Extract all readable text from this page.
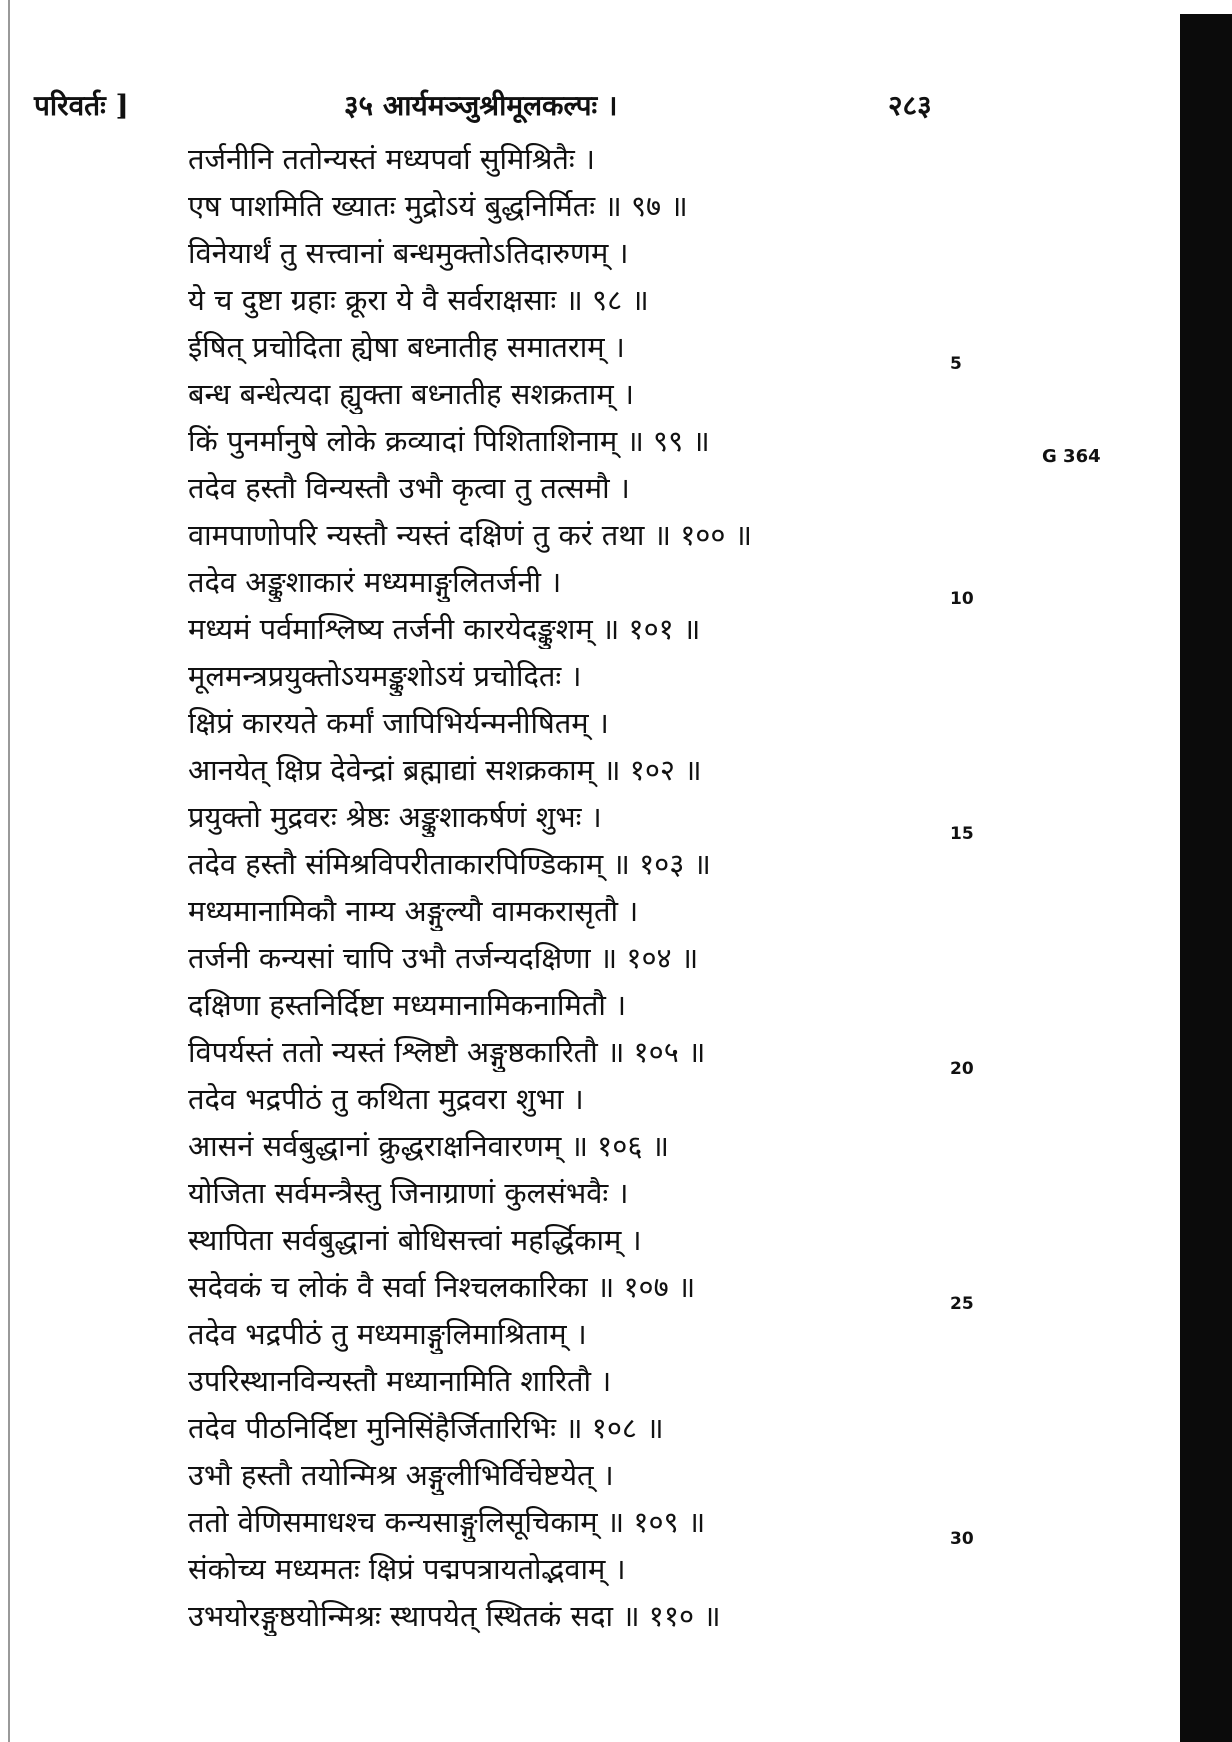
परिवर्तः ]	३५ आर्यमञ्जुश्रीमूलकल्पः ।	२८३
तर्जनीनि ततोन्यस्तं मध्यपर्वा सुमिश्रितैः ।
एष पाशमिति ख्यातः मुद्रोऽयं बुद्धनिर्मितः ॥ ९७ ॥
विनेयार्थं तु सत्त्वानां बन्धमुक्तोऽतिदारुणम् ।
ये च दुष्टा ग्रहाः क्रूरा ये वै सर्वराक्षसाः ॥ ९८ ॥
ईषित् प्रचोदिता ह्येषा बध्नातीह समातराम् ।
बन्ध बन्धेत्यदा ह्युक्ता बध्नातीह सशक्रताम् ।
किं पुनर्मानुषे लोके क्रव्यादां पिशिताशिनाम् ॥ ९९ ॥
तदेव हस्तौ विन्यस्तौ उभौ कृत्वा तु तत्समौ ।
वामपाणोपरि न्यस्तौ न्यस्तं दक्षिणं तु करं तथा ॥ १०० ॥
तदेव अङ्कुशाकारं मध्यमाङ्गुलितर्जनी ।
मध्यमं पर्वमाश्लिष्य तर्जनी कारयेदङ्कुशम् ॥ १०१ ॥
मूलमन्त्रप्रयुक्तोऽयमङ्कुशोऽयं प्रचोदितः ।
क्षिप्रं कारयते कर्मां जापिभिर्यन्मनीषितम् ।
आनयेत् क्षिप्र देवेन्द्रां ब्रह्माद्यां सशक्रकाम् ॥ १०२ ॥
प्रयुक्तो मुद्रवरः श्रेष्ठः अङ्कुशाकर्षणं शुभः ।
तदेव हस्तौ संमिश्रविपरीताकारपिण्डिकाम् ॥ १०३ ॥
मध्यमानामिकौ नाम्य अङ्गुल्यौ वामकरासृतौ ।
तर्जनी कन्यसां चापि उभौ तर्जन्यदक्षिणा ॥ १०४ ॥
दक्षिणा हस्तनिर्दिष्टा मध्यमानामिकनामितौ ।
विपर्यस्तं ततो न्यस्तं श्लिष्टौ अङ्गुष्ठकारितौ ॥ १०५ ॥
तदेव भद्रपीठं तु कथिता मुद्रवरा शुभा ।
आसनं सर्वबुद्धानां क्रुद्धराक्षनिवारणम् ॥ १०६ ॥
योजिता सर्वमन्त्रैस्तु जिनाग्राणां कुलसंभवैः ।
स्थापिता सर्वबुद्धानां बोधिसत्त्वां महर्द्धिकाम् ।
सदेवकं च लोकं वै सर्वा निश्चलकारिका ॥ १०७ ॥
तदेव भद्रपीठं तु मध्यमाङ्गुलिमाश्रिताम् ।
उपरिस्थानविन्यस्तौ मध्यानामिति शारितौ ।
तदेव पीठनिर्दिष्टा मुनिसिंहैर्जितारिभिः ॥ १०८ ॥
उभौ हस्तौ तयोन्मिश्र अङ्गुलीभिर्विचेष्टयेत् ।
ततो वेणिसमाधश्च कन्यसाङ्गुलिसूचिकाम् ॥ १०९ ॥
संकोच्य मध्यमतः क्षिप्रं पद्मपत्रायतोद्भवाम् ।
उभयोरङ्गुष्ठयोन्मिश्रः स्थापयेत् स्थितकं सदा ॥ ११० ॥
5
10
15
20
25
30
G 364
